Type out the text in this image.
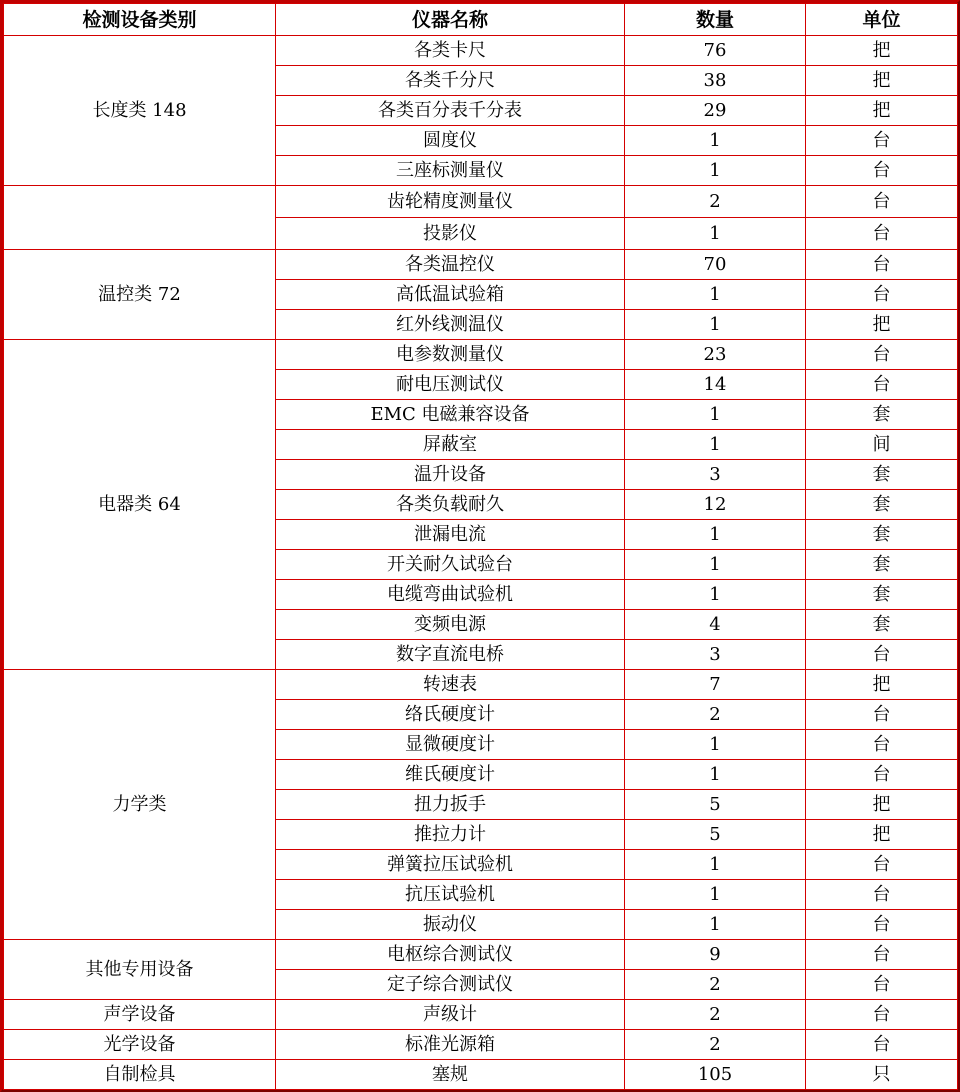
检测设备类别	仪器名称	数量	单位
长度类 148	各类卡尺	76	把
	各类千分尺	38	把
	各类百分表千分表	29	把
	圆度仪	1	台
	三座标测量仪	1	台
	齿轮精度测量仪	2	台
	投影仪	1	台
温控类 72	各类温控仪	70	台
	高低温试验箱	1	台
	红外线测温仪	1	把
电器类 64	电参数测量仪	23	台
	耐电压测试仪	14	台
	EMC 电磁兼容设备	1	套
	屏蔽室	1	间
	温升设备	3	套
	各类负载耐久	12	套
	泄漏电流	1	套
	开关耐久试验台	1	套
	电缆弯曲试验机	1	套
	变频电源	4	套
	数字直流电桥	3	台
力学类	转速表	7	把
	络氏硬度计	2	台
	显微硬度计	1	台
	维氏硬度计	1	台
	扭力扳手	5	把
	推拉力计	5	把
	弹簧拉压试验机	1	台
	抗压试验机	1	台
	振动仪	1	台
其他专用设备	电枢综合测试仪	9	台
	定子综合测试仪	2	台
声学设备	声级计	2	台
光学设备	标准光源箱	2	台
自制检具	塞规	105	只
